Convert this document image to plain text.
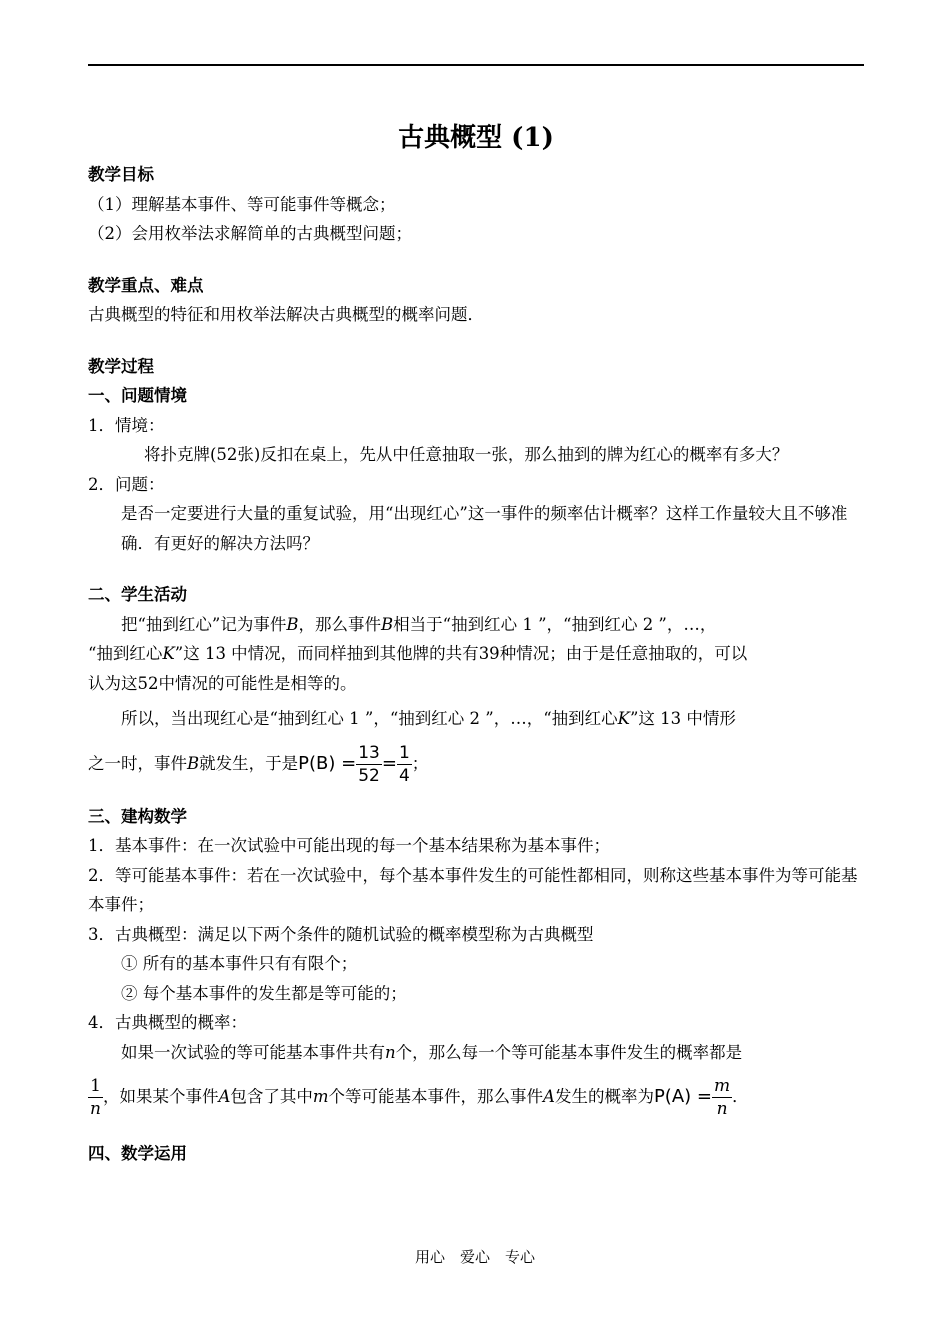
古典概型 (1)

教学目标

（1）理解基本事件、等可能事件等概念；

（2）会用枚举法求解简单的古典概型问题；

教学重点、难点

古典概型的特征和用枚举法解决古典概型的概率问题．

教学过程

一、问题情境

1．情境：

将扑克牌(52张)反扣在桌上，先从中任意抽取一张，那么抽到的牌为红心的概率有多大？

2．问题：

是否一定要进行大量的重复试验，用“出现红心”这一事件的频率估计概率？这样工作量较大且不够准确．有更好的解决方法吗？

二、学生活动

把“抽到红心”记为事件B，那么事件B相当于“抽到红心 1 ”，“抽到红心 2 ”，…，

“抽到红心K”这 13 中情况，而同样抽到其他牌的共有39种情况；由于是任意抽取的，可以

认为这52中情况的可能性是相等的。

所以，当出现红心是“抽到红心 1 ”，“抽到红心 2 ”，…，“抽到红心K”这 13 中情形

之一时，事件B就发生，于是$P(B) = \frac{13}{52} = \frac{1}{4}$ ；

三、建构数学

1．基本事件：在一次试验中可能出现的每一个基本结果称为基本事件；

2．等可能基本事件：若在一次试验中，每个基本事件发生的可能性都相同，则称这些基本事件为等可能基本事件；

3．古典概型：满足以下两个条件的随机试验的概率模型称为古典概型

① 所有的基本事件只有有限个；

② 每个基本事件的发生都是等可能的；

4．古典概型的概率：

如果一次试验的等可能基本事件共有n个，那么每一个等可能基本事件发生的概率都是

$\frac{1}{n}$ ，如果某个事件A包含了其中m个等可能基本事件，那么事件A发生的概率为$P(A) = \frac{m}{n}$ ．

四、数学运用

用心　爱心　专心
